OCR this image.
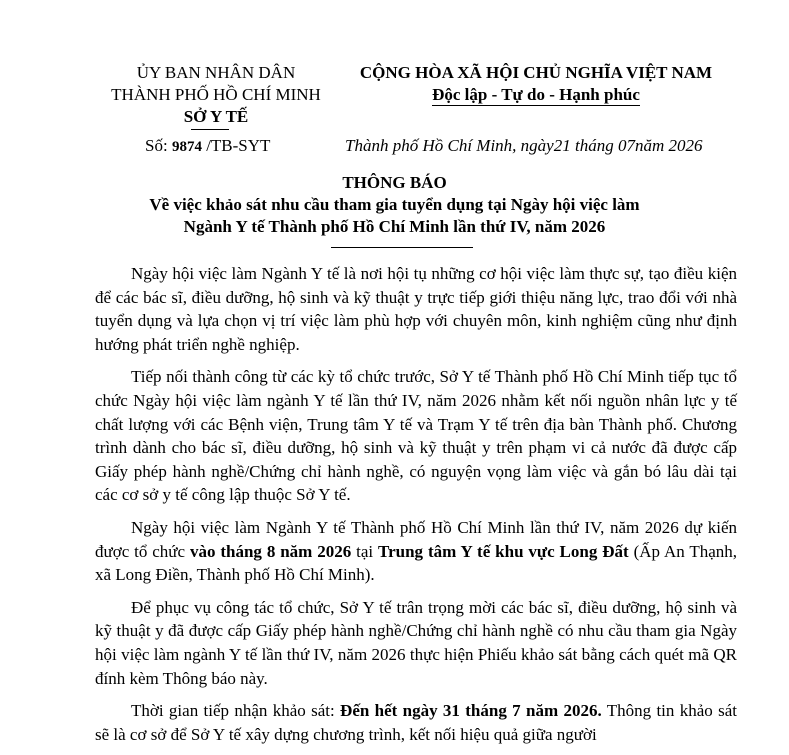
ỦY BAN NHÂN DÂN
THÀNH PHỐ HỒ CHÍ MINH
SỞ Y TẾ
CỘNG HÒA XÃ HỘI CHỦ NGHĨA VIỆT NAM
Độc lập - Tự do - Hạnh phúc
Số: 9874 /TB-SYT	Thành phố Hồ Chí Minh, ngày21 tháng 07năm 2026
THÔNG BÁO
Về việc khảo sát nhu cầu tham gia tuyển dụng tại Ngày hội việc làm
Ngành Y tế Thành phố Hồ Chí Minh lần thứ IV, năm 2026

Ngày hội việc làm Ngành Y tế là nơi hội tụ những cơ hội việc làm thực sự, tạo điều kiện để các bác sĩ, điều dưỡng, hộ sinh và kỹ thuật y trực tiếp giới thiệu năng lực, trao đổi với nhà tuyển dụng và lựa chọn vị trí việc làm phù hợp với chuyên môn, kinh nghiệm cũng như định hướng phát triển nghề nghiệp.

Tiếp nối thành công từ các kỳ tổ chức trước, Sở Y tế Thành phố Hồ Chí Minh tiếp tục tổ chức Ngày hội việc làm ngành Y tế lần thứ IV, năm 2026 nhằm kết nối nguồn nhân lực y tế chất lượng với các Bệnh viện, Trung tâm Y tế và Trạm Y tế trên địa bàn Thành phố. Chương trình dành cho bác sĩ, điều dưỡng, hộ sinh và kỹ thuật y trên phạm vi cả nước đã được cấp Giấy phép hành nghề/Chứng chỉ hành nghề, có nguyện vọng làm việc và gắn bó lâu dài tại các cơ sở y tế công lập thuộc Sở Y tế.

Ngày hội việc làm Ngành Y tế Thành phố Hồ Chí Minh lần thứ IV, năm 2026 dự kiến được tổ chức vào tháng 8 năm 2026 tại Trung tâm Y tế khu vực Long Đất (Ấp An Thạnh, xã Long Điền, Thành phố Hồ Chí Minh).

Để phục vụ công tác tổ chức, Sở Y tế trân trọng mời các bác sĩ, điều dưỡng, hộ sinh và kỹ thuật y đã được cấp Giấy phép hành nghề/Chứng chỉ hành nghề có nhu cầu tham gia Ngày hội việc làm ngành Y tế lần thứ IV, năm 2026 thực hiện Phiếu khảo sát bằng cách quét mã QR đính kèm Thông báo này.

Thời gian tiếp nhận khảo sát: Đến hết ngày 31 tháng 7 năm 2026. Thông tin khảo sát sẽ là cơ sở để Sở Y tế xây dựng chương trình, kết nối hiệu quả giữa người
